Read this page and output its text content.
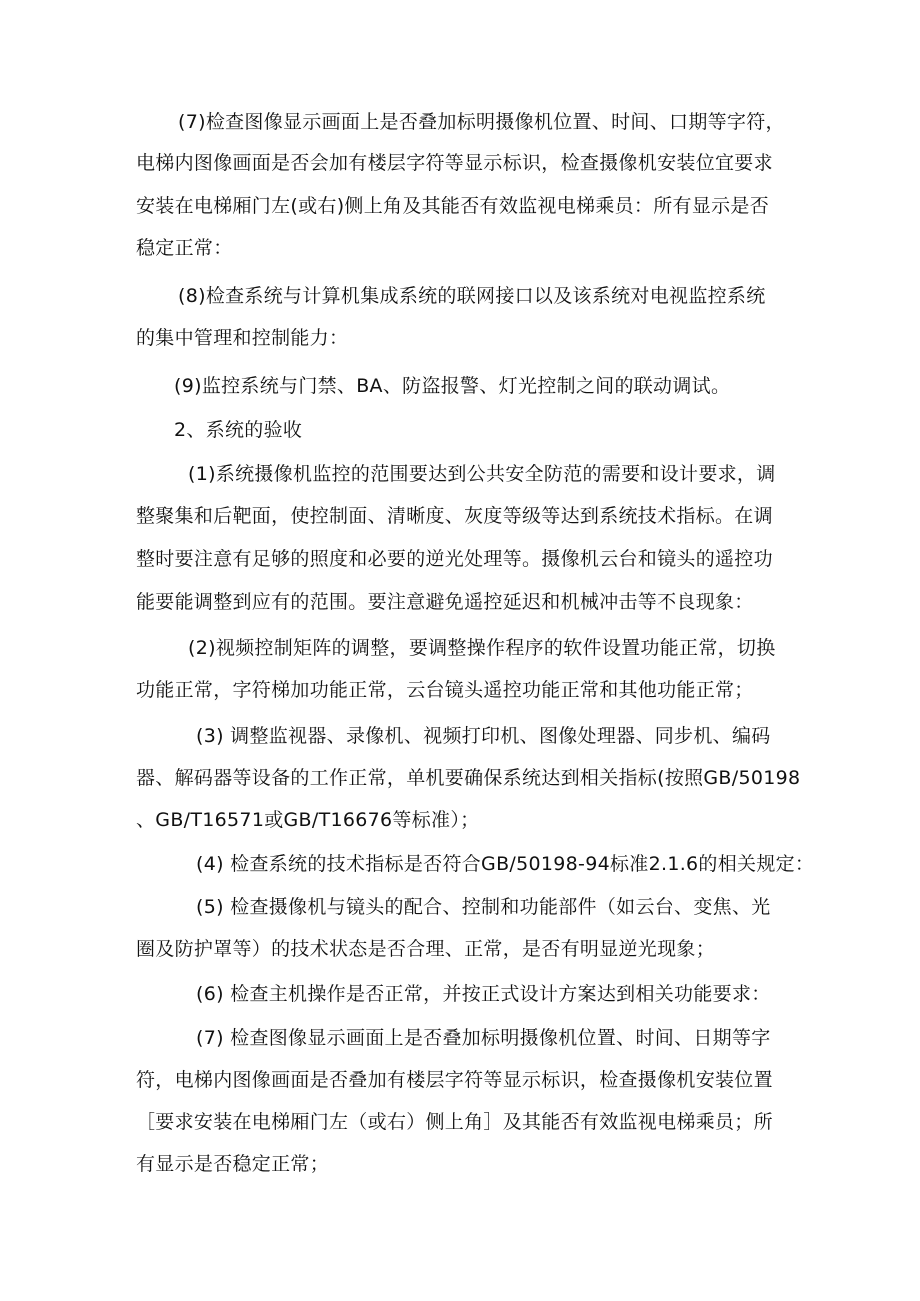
(7)检查图像显示画面上是否叠加标明摄像机位置、时间、口期等字符，
电梯内图像画面是否会加有楼层字符等显示标识，检查摄像机安装位宜要求
安装在电梯厢门左(或右)侧上角及其能否有效监视电梯乘员：所有显示是否
稳定正常：
(8)检查系统与计算机集成系统的联网接口以及该系统对电视监控系统
的集中管理和控制能力：
(9)监控系统与门禁、BA、防盗报警、灯光控制之间的联动调试。
2、系统的验收
(1)系统摄像机监控的范围要达到公共安全防范的需要和设计要求，调
整聚集和后靶面，使控制面、清晰度、灰度等级等达到系统技术指标。在调
整时要注意有足够的照度和必要的逆光处理等。摄像机云台和镜头的遥控功
能要能调整到应有的范围。要注意避免遥控延迟和机械冲击等不良现象：
(2)视频控制矩阵的调整，要调整操作程序的软件设置功能正常，切换
功能正常，字符梯加功能正常，云台镜头遥控功能正常和其他功能正常；
(3) 调整监视器、录像机、视频打印机、图像处理器、同步机、编码
器、解码器等设备的工作正常，单机要确保系统达到相关指标(按照GB/50198
、GB/T16571或GB/T16676等标准）；
(4) 检查系统的技术指标是否符合GB/50198-94标准2.1.6的相关规定：
(5) 检查摄像机与镜头的配合、控制和功能部件（如云台、变焦、光
圈及防护罩等）的技术状态是否合理、正常，是否有明显逆光现象；
(6) 检查主机操作是否正常，并按正式设计方案达到相关功能要求：
(7) 检查图像显示画面上是否叠加标明摄像机位置、时间、日期等字
符，电梯内图像画面是否叠加有楼层字符等显示标识，检查摄像机安装位置
［要求安装在电梯厢门左（或右）侧上角］及其能否有效监视电梯乘员；所
有显示是否稳定正常；
